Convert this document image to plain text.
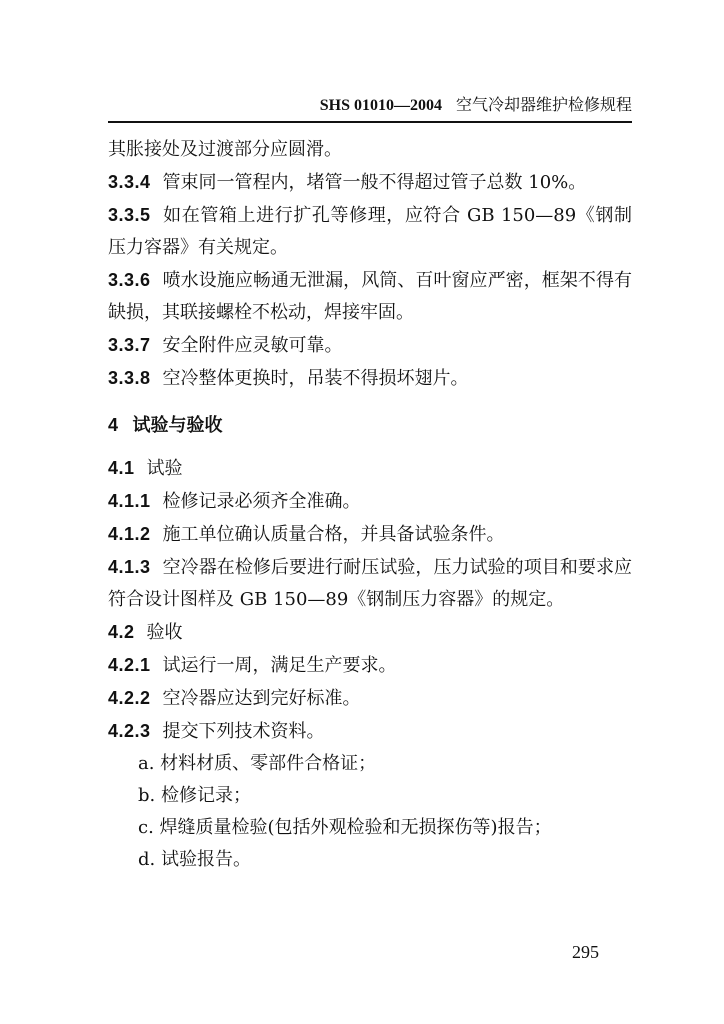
SHS 01010—2004 空气冷却器维护检修规程

其胀接处及过渡部分应圆滑。

3.3.4 管束同一管程内，堵管一般不得超过管子总数 10%。

3.3.5 如在管箱上进行扩孔等修理，应符合 GB 150—89《钢制压力容器》有关规定。

3.3.6 喷水设施应畅通无泄漏，风筒、百叶窗应严密，框架不得有缺损，其联接螺栓不松动，焊接牢固。

3.3.7 安全附件应灵敏可靠。

3.3.8 空冷整体更换时，吊装不得损坏翅片。

4 试验与验收

4.1 试验

4.1.1 检修记录必须齐全准确。

4.1.2 施工单位确认质量合格，并具备试验条件。

4.1.3 空冷器在检修后要进行耐压试验，压力试验的项目和要求应符合设计图样及 GB 150—89《钢制压力容器》的规定。

4.2 验收

4.2.1 试运行一周，满足生产要求。

4.2.2 空冷器应达到完好标准。

4.2.3 提交下列技术资料。

a. 材料材质、零部件合格证；

b. 检修记录；

c. 焊缝质量检验(包括外观检验和无损探伤等)报告；

d. 试验报告。

295
